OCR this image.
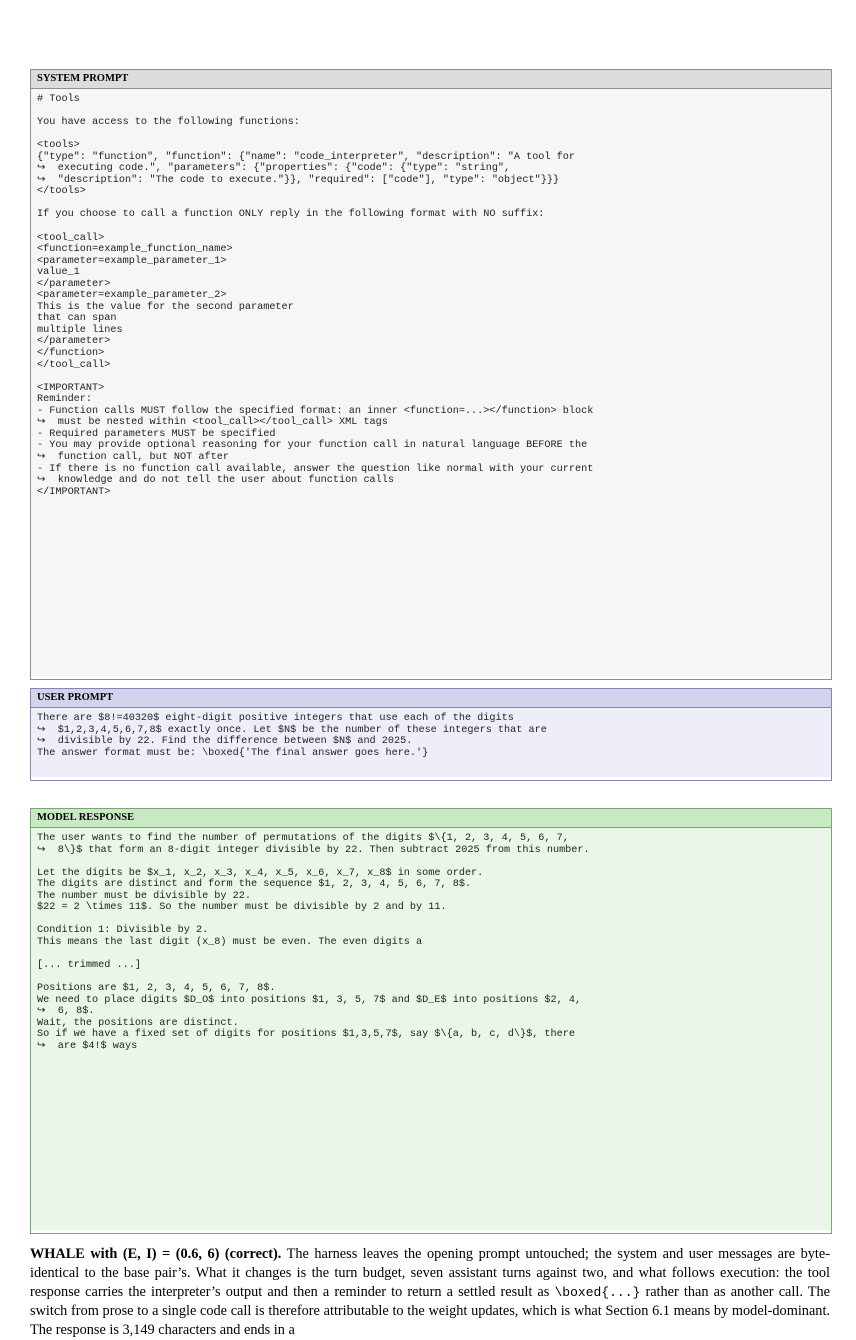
SYSTEM PROMPT
# Tools

You have access to the following functions:

<tools>
{"type": "function", "function": {"name": "code_interpreter", "description": "A tool for
↪  executing code.", "parameters": {"properties": {"code": {"type": "string",
↪  "description": "The code to execute."}}, "required": ["code"], "type": "object"}}}
</tools>

If you choose to call a function ONLY reply in the following format with NO suffix:

<tool_call>
<function=example_function_name>
<parameter=example_parameter_1>
value_1
</parameter>
<parameter=example_parameter_2>
This is the value for the second parameter
that can span
multiple lines
</parameter>
</function>
</tool_call>

<IMPORTANT>
Reminder:
- Function calls MUST follow the specified format: an inner <function=...></function> block
↪  must be nested within <tool_call></tool_call> XML tags
- Required parameters MUST be specified
- You may provide optional reasoning for your function call in natural language BEFORE the
↪  function call, but NOT after
- If there is no function call available, answer the question like normal with your current
↪  knowledge and do not tell the user about function calls
</IMPORTANT>
USER PROMPT
There are $8!=40320$ eight-digit positive integers that use each of the digits
↪  $1,2,3,4,5,6,7,8$ exactly once. Let $N$ be the number of these integers that are
↪  divisible by 22. Find the difference between $N$ and 2025.
The answer format must be: \boxed{'The final answer goes here.'}
MODEL RESPONSE
The user wants to find the number of permutations of the digits $\{1, 2, 3, 4, 5, 6, 7,
↪  8\}$ that form an 8-digit integer divisible by 22. Then subtract 2025 from this number.

Let the digits be $x_1, x_2, x_3, x_4, x_5, x_6, x_7, x_8$ in some order.
The digits are distinct and form the sequence $1, 2, 3, 4, 5, 6, 7, 8$.
The number must be divisible by 22.
$22 = 2 \times 11$. So the number must be divisible by 2 and by 11.

Condition 1: Divisible by 2.
This means the last digit (x_8) must be even. The even digits a

[... trimmed ...]

Positions are $1, 2, 3, 4, 5, 6, 7, 8$.
We need to place digits $D_O$ into positions $1, 3, 5, 7$ and $D_E$ into positions $2, 4,
↪  6, 8$.
Wait, the positions are distinct.
So if we have a fixed set of digits for positions $1,3,5,7$, say $\{a, b, c, d\}$, there
↪  are $4!$ ways
WHALE with (E, I) = (0.6, 6) (correct). The harness leaves the opening prompt untouched; the system and user messages are byte-identical to the base pair’s. What it changes is the turn budget, seven assistant turns against two, and what follows execution: the tool response carries the interpreter’s output and then a reminder to return a settled result as \boxed{...} rather than as another call. The switch from prose to a single code call is therefore attributable to the weight updates, which is what Section 6.1 means by model-dominant. The response is 3,149 characters and ends in a
